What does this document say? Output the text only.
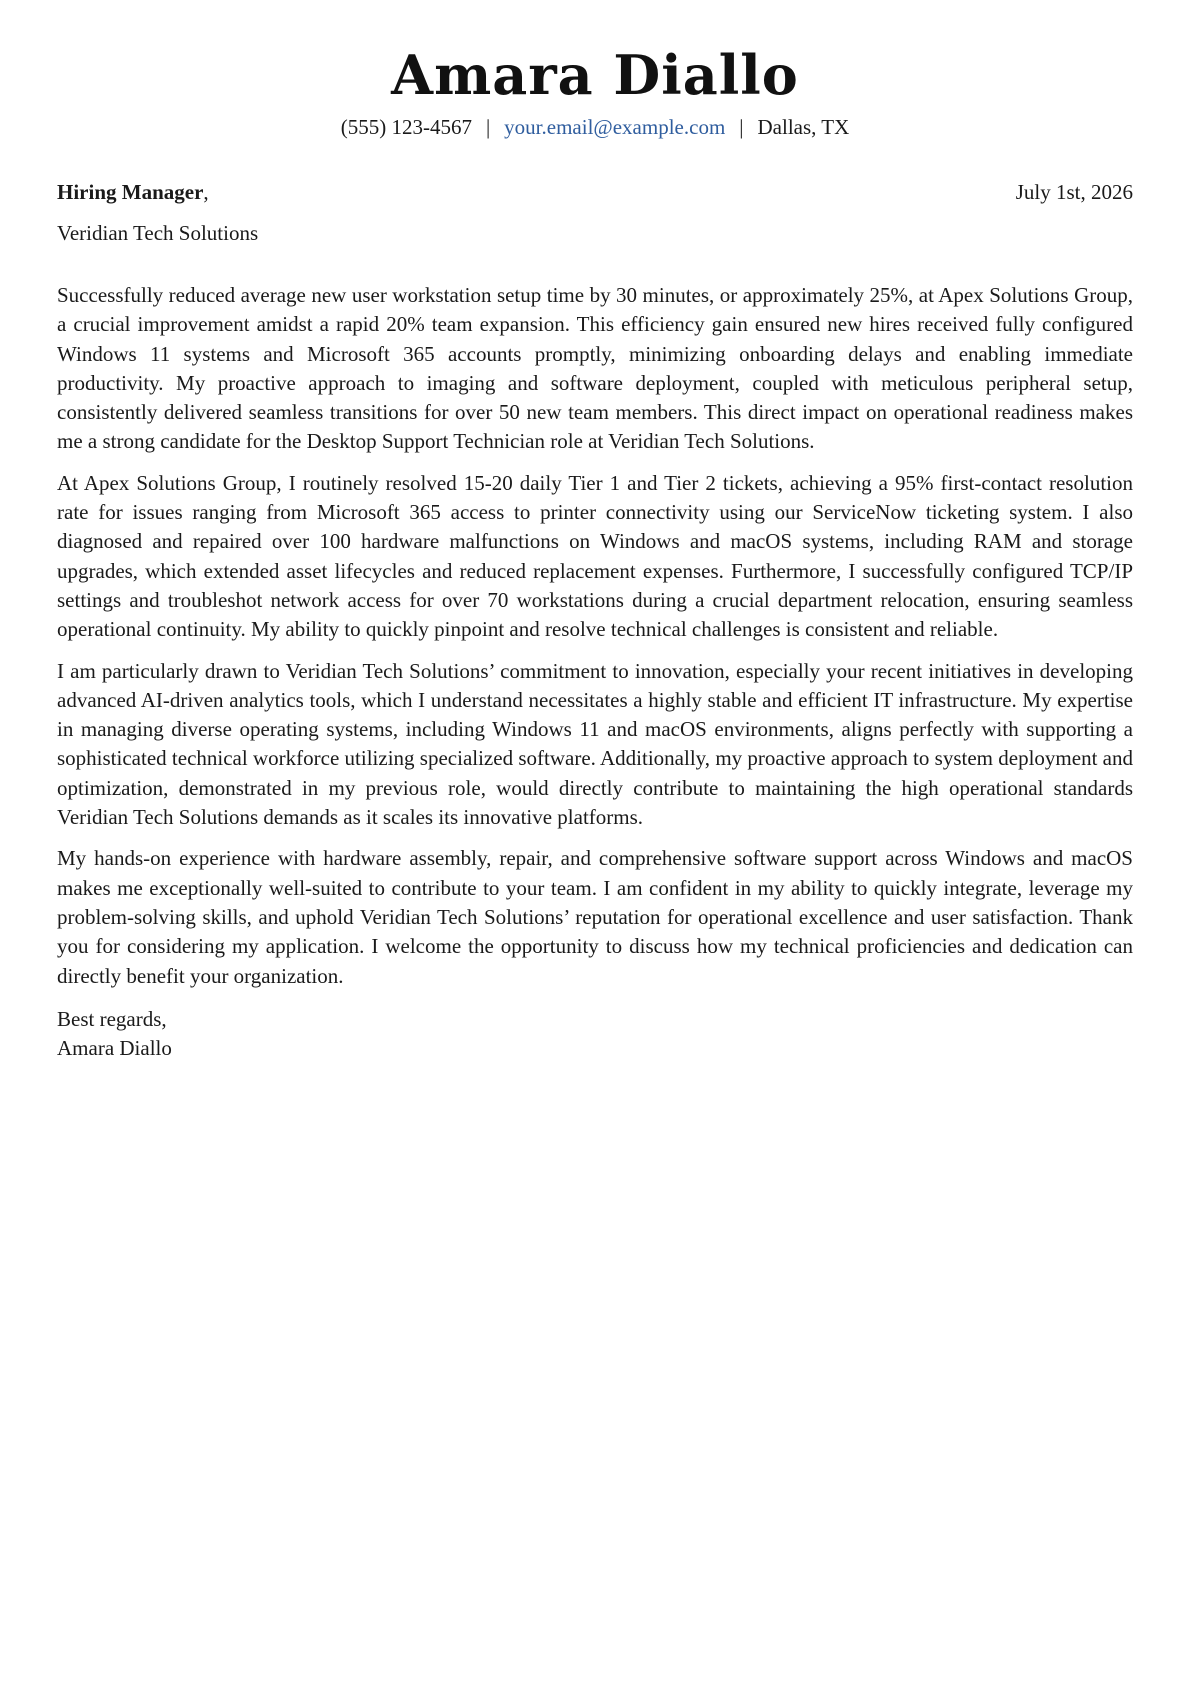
Amara Diallo
(555) 123-4567 | your.email@example.com | Dallas, TX
Hiring Manager,	July 1st, 2026
Veridian Tech Solutions

Successfully reduced average new user workstation setup time by 30 minutes, or approximately 25%, at Apex Solutions Group, a crucial improvement amidst a rapid 20% team expansion. This efficiency gain ensured new hires received fully configured Windows 11 systems and Microsoft 365 accounts promptly, minimizing onboarding delays and enabling immediate productivity. My proactive approach to imaging and software deployment, coupled with meticulous peripheral setup, consistently delivered seamless transitions for over 50 new team members. This direct impact on operational readiness makes me a strong candidate for the Desktop Support Technician role at Veridian Tech Solutions.

At Apex Solutions Group, I routinely resolved 15-20 daily Tier 1 and Tier 2 tickets, achieving a 95% first-contact resolution rate for issues ranging from Microsoft 365 access to printer connectivity using our ServiceNow ticketing system. I also diagnosed and repaired over 100 hardware malfunctions on Windows and macOS systems, including RAM and storage upgrades, which extended asset lifecycles and reduced replacement expenses. Furthermore, I successfully configured TCP/IP settings and troubleshot network access for over 70 workstations during a crucial department relocation, ensuring seamless operational continuity. My ability to quickly pinpoint and resolve technical challenges is consistent and reliable.

I am particularly drawn to Veridian Tech Solutions’ commitment to innovation, especially your recent initiatives in developing advanced AI-driven analytics tools, which I understand necessitates a highly stable and efficient IT infrastructure. My expertise in managing diverse operating systems, including Windows 11 and macOS environments, aligns perfectly with supporting a sophisticated technical workforce utilizing specialized software. Additionally, my proactive approach to system deployment and optimization, demonstrated in my previous role, would directly contribute to maintaining the high operational standards Veridian Tech Solutions demands as it scales its innovative platforms.

My hands-on experience with hardware assembly, repair, and comprehensive software support across Windows and macOS makes me exceptionally well-suited to contribute to your team. I am confident in my ability to quickly integrate, leverage my problem-solving skills, and uphold Veridian Tech Solutions’ reputation for operational excellence and user satisfaction. Thank you for considering my application. I welcome the opportunity to discuss how my technical proficiencies and dedication can directly benefit your organization.

Best regards,
Amara Diallo
